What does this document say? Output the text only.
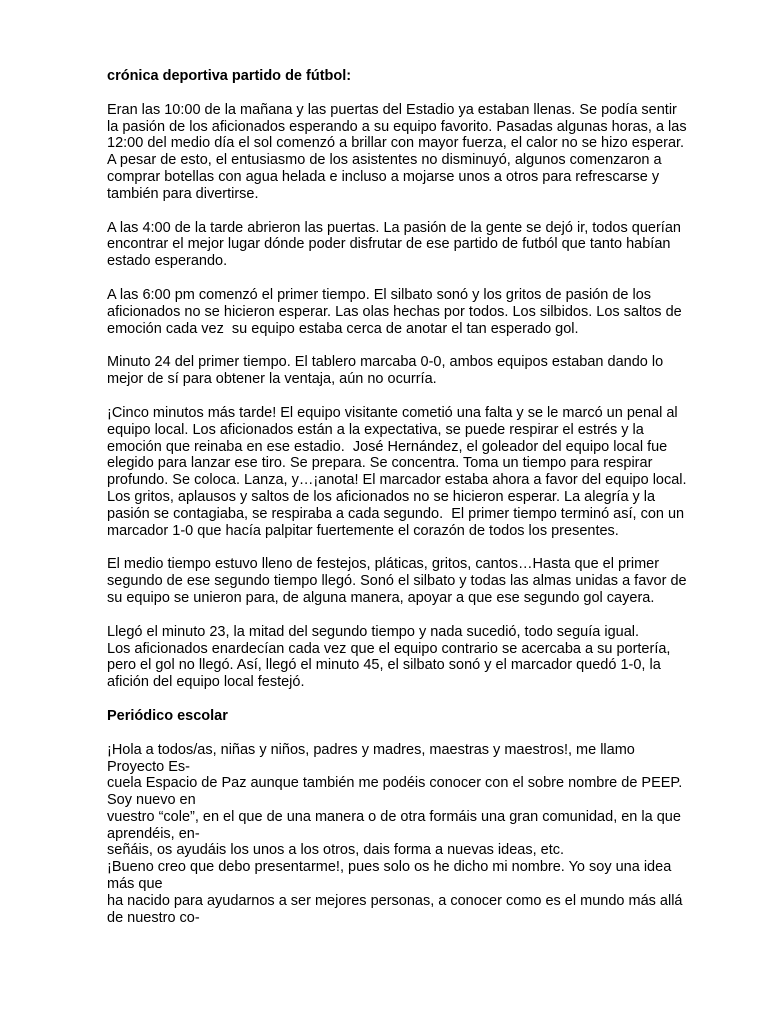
crónica deportiva partido de fútbol:
Eran las 10:00 de la mañana y las puertas del Estadio ya estaban llenas. Se podía sentir
la pasión de los aficionados esperando a su equipo favorito. Pasadas algunas horas, a las
12:00 del medio día el sol comenzó a brillar con mayor fuerza, el calor no se hizo esperar.
A pesar de esto, el entusiasmo de los asistentes no disminuyó, algunos comenzaron a
comprar botellas con agua helada e incluso a mojarse unos a otros para refrescarse y
también para divertirse.
A las 4:00 de la tarde abrieron las puertas. La pasión de la gente se dejó ir, todos querían
encontrar el mejor lugar dónde poder disfrutar de ese partido de futból que tanto habían
estado esperando.
A las 6:00 pm comenzó el primer tiempo. El silbato sonó y los gritos de pasión de los
aficionados no se hicieron esperar. Las olas hechas por todos. Los silbidos. Los saltos de
emoción cada vez  su equipo estaba cerca de anotar el tan esperado gol.
Minuto 24 del primer tiempo. El tablero marcaba 0-0, ambos equipos estaban dando lo
mejor de sí para obtener la ventaja, aún no ocurría.
¡Cinco minutos más tarde! El equipo visitante cometió una falta y se le marcó un penal al
equipo local. Los aficionados están a la expectativa, se puede respirar el estrés y la
emoción que reinaba en ese estadio.  José Hernández, el goleador del equipo local fue
elegido para lanzar ese tiro. Se prepara. Se concentra. Toma un tiempo para respirar
profundo. Se coloca. Lanza, y…¡anota! El marcador estaba ahora a favor del equipo local.
Los gritos, aplausos y saltos de los aficionados no se hicieron esperar. La alegría y la
pasión se contagiaba, se respiraba a cada segundo.  El primer tiempo terminó así, con un
marcador 1-0 que hacía palpitar fuertemente el corazón de todos los presentes.
El medio tiempo estuvo lleno de festejos, pláticas, gritos, cantos…Hasta que el primer
segundo de ese segundo tiempo llegó. Sonó el silbato y todas las almas unidas a favor de
su equipo se unieron para, de alguna manera, apoyar a que ese segundo gol cayera.
Llegó el minuto 23, la mitad del segundo tiempo y nada sucedió, todo seguía igual.
Los aficionados enardecían cada vez que el equipo contrario se acercaba a su portería,
pero el gol no llegó. Así, llegó el minuto 45, el silbato sonó y el marcador quedó 1-0, la
afición del equipo local festejó.
Periódico escolar
¡Hola a todos/as, niñas y niños, padres y madres, maestras y maestros!, me llamo
Proyecto Es-
cuela Espacio de Paz aunque también me podéis conocer con el sobre nombre de PEEP.
Soy nuevo en
vuestro “cole”, en el que de una manera o de otra formáis una gran comunidad, en la que
aprendéis, en-
señáis, os ayudáis los unos a los otros, dais forma a nuevas ideas, etc.
¡Bueno creo que debo presentarme!, pues solo os he dicho mi nombre. Yo soy una idea
más que
ha nacido para ayudarnos a ser mejores personas, a conocer como es el mundo más allá
de nuestro co-
